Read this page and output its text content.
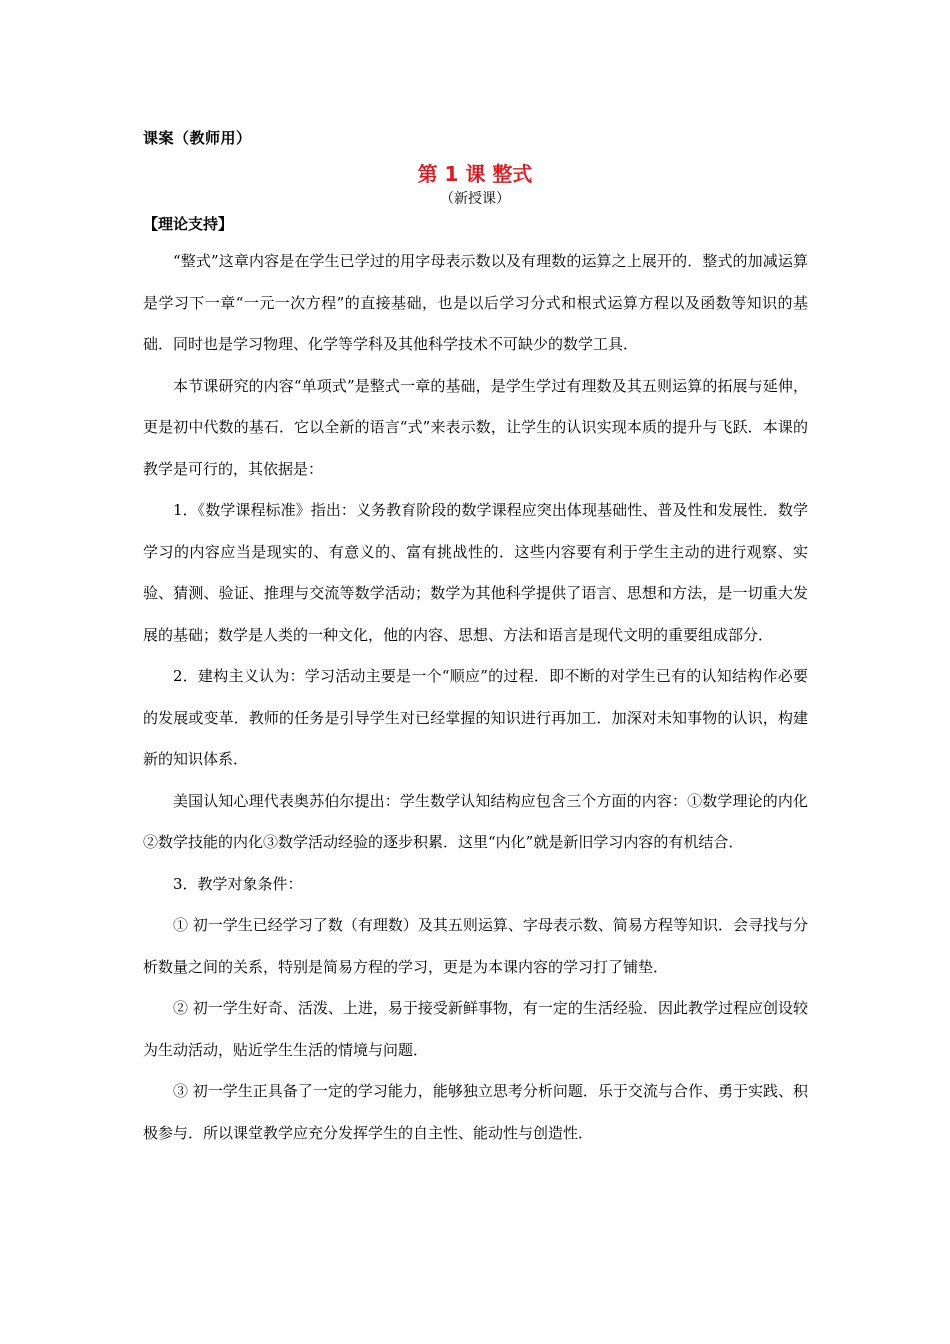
课案（教师用）
第 1 课 整式
（新授课）
【理论支持】

“整式”这章内容是在学生已学过的用字母表示数以及有理数的运算之上展开的．整式的加减运算是学习下一章“一元一次方程”的直接基础，也是以后学习分式和根式运算方程以及函数等知识的基础．同时也是学习物理、化学等学科及其他科学技术不可缺少的数学工具．

本节课研究的内容“单项式”是整式一章的基础，是学生学过有理数及其五则运算的拓展与延伸，更是初中代数的基石．它以全新的语言“式”来表示数，让学生的认识实现本质的提升与飞跃．本课的教学是可行的，其依据是：

1．《数学课程标准》指出：义务教育阶段的数学课程应突出体现基础性、普及性和发展性．数学学习的内容应当是现实的、有意义的、富有挑战性的．这些内容要有利于学生主动的进行观察、实验、猜测、验证、推理与交流等数学活动；数学为其他科学提供了语言、思想和方法，是一切重大发展的基础；数学是人类的一种文化，他的内容、思想、方法和语言是现代文明的重要组成部分．

2．建构主义认为：学习活动主要是一个“顺应”的过程．即不断的对学生已有的认知结构作必要的发展或变革．教师的任务是引导学生对已经掌握的知识进行再加工．加深对未知事物的认识，构建新的知识体系．

美国认知心理代表奥苏伯尔提出：学生数学认知结构应包含三个方面的内容：①数学理论的内化②数学技能的内化③数学活动经验的逐步积累．这里“内化”就是新旧学习内容的有机结合．

3．教学对象条件：

① 初一学生已经学习了数（有理数）及其五则运算、字母表示数、简易方程等知识．会寻找与分析数量之间的关系，特别是简易方程的学习，更是为本课内容的学习打了铺垫．

② 初一学生好奇、活泼、上进，易于接受新鲜事物，有一定的生活经验．因此教学过程应创设较为生动活动，贴近学生生活的情境与问题．

③ 初一学生正具备了一定的学习能力，能够独立思考分析问题．乐于交流与合作、勇于实践、积极参与．所以课堂教学应充分发挥学生的自主性、能动性与创造性．
